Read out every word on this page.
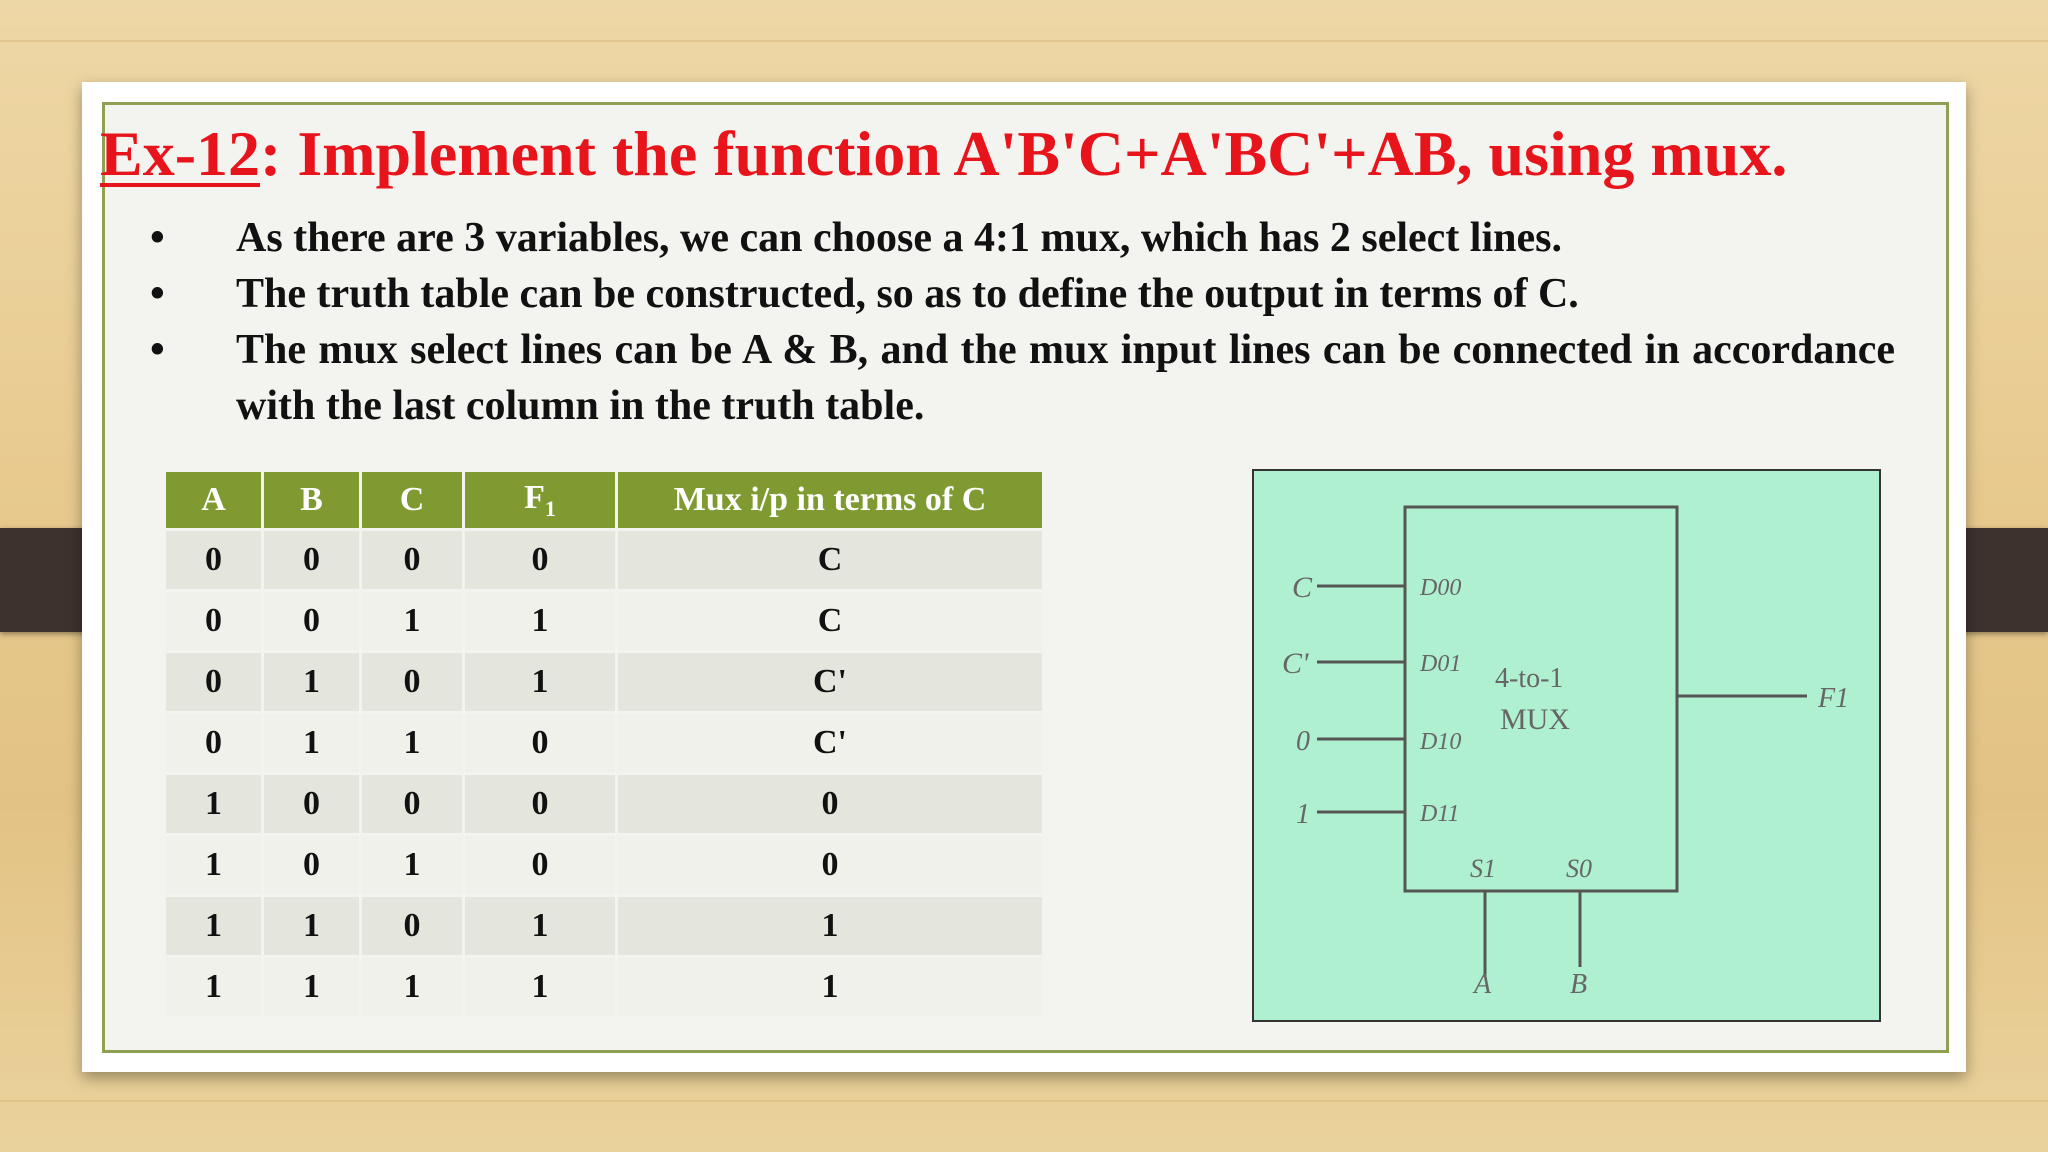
Ex-12: Implement the function A'B'C+A'BC'+AB, using mux.
• As there are 3 variables, we can choose a 4:1 mux, which has 2 select lines.
• The truth table can be constructed, so as to define the output in terms of C.
• The mux select lines can be A & B, and the mux input lines can be connected in accordance with the last column in the truth table.
A	B	C	$F_1$	Mux i/p in terms of C
0	0	0	0	C
0	0	1	1	C
0	1	0	1	C'
0	1	1	0	C'
1	0	0	0	0
1	0	1	0	0
1	1	0	1	1
1	1	1	1	1
C
C'
0
1
D00
D01
D10
D11
F1
S1	S0
A	B
4-to-1
MUX
